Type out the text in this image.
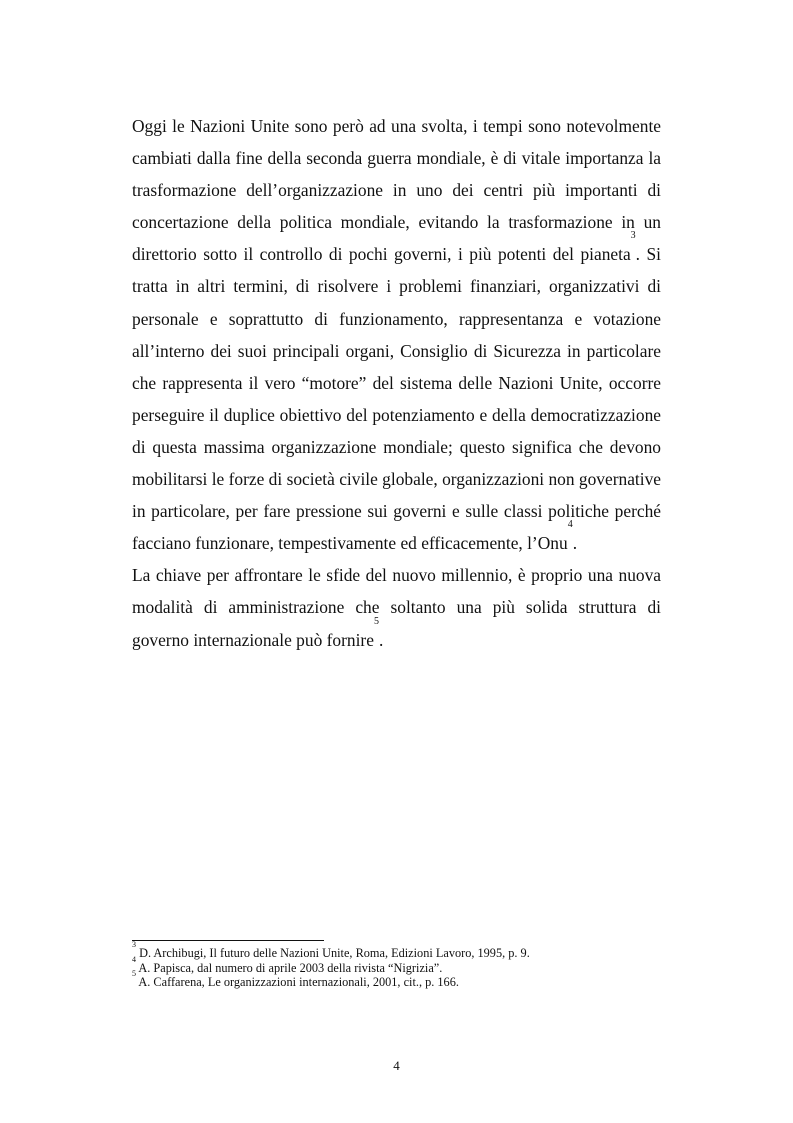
Oggi le Nazioni Unite sono però ad una svolta, i tempi sono notevolmente cambiati dalla fine della seconda guerra mondiale, è di vitale importanza la trasformazione dell’organizzazione in uno dei centri più importanti di concertazione della politica mondiale, evitando la trasformazione in un direttorio sotto il controllo di pochi governi, i più potenti del pianeta$^3$. Si tratta in altri termini, di risolvere i problemi finanziari, organizzativi di personale e soprattutto di funzionamento, rappresentanza e votazione all’interno dei suoi principali organi, Consiglio di Sicurezza in particolare che rappresenta il vero “motore” del sistema delle Nazioni Unite, occorre perseguire il duplice obiettivo del potenziamento e della democratizzazione di questa massima organizzazione mondiale; questo significa che devono mobilitarsi le forze di società civile globale, organizzazioni non governative in particolare, per fare pressione sui governi e sulle classi politiche perché facciano funzionare, tempestivamente ed efficacemente, l’Onu$^4$.

La chiave per affrontare le sfide del nuovo millennio, è proprio una nuova modalità di amministrazione che soltanto una più solida struttura di governo internazionale può fornire$^5$.

$^3$ D. Archibugi, Il futuro delle Nazioni Unite, Roma, Edizioni Lavoro, 1995, p. 9.

$^4$ A. Papisca, dal numero di aprile 2003 della rivista “Nigrizia”.

$^5$ A. Caffarena, Le organizzazioni internazionali, 2001, cit., p. 166.

4
